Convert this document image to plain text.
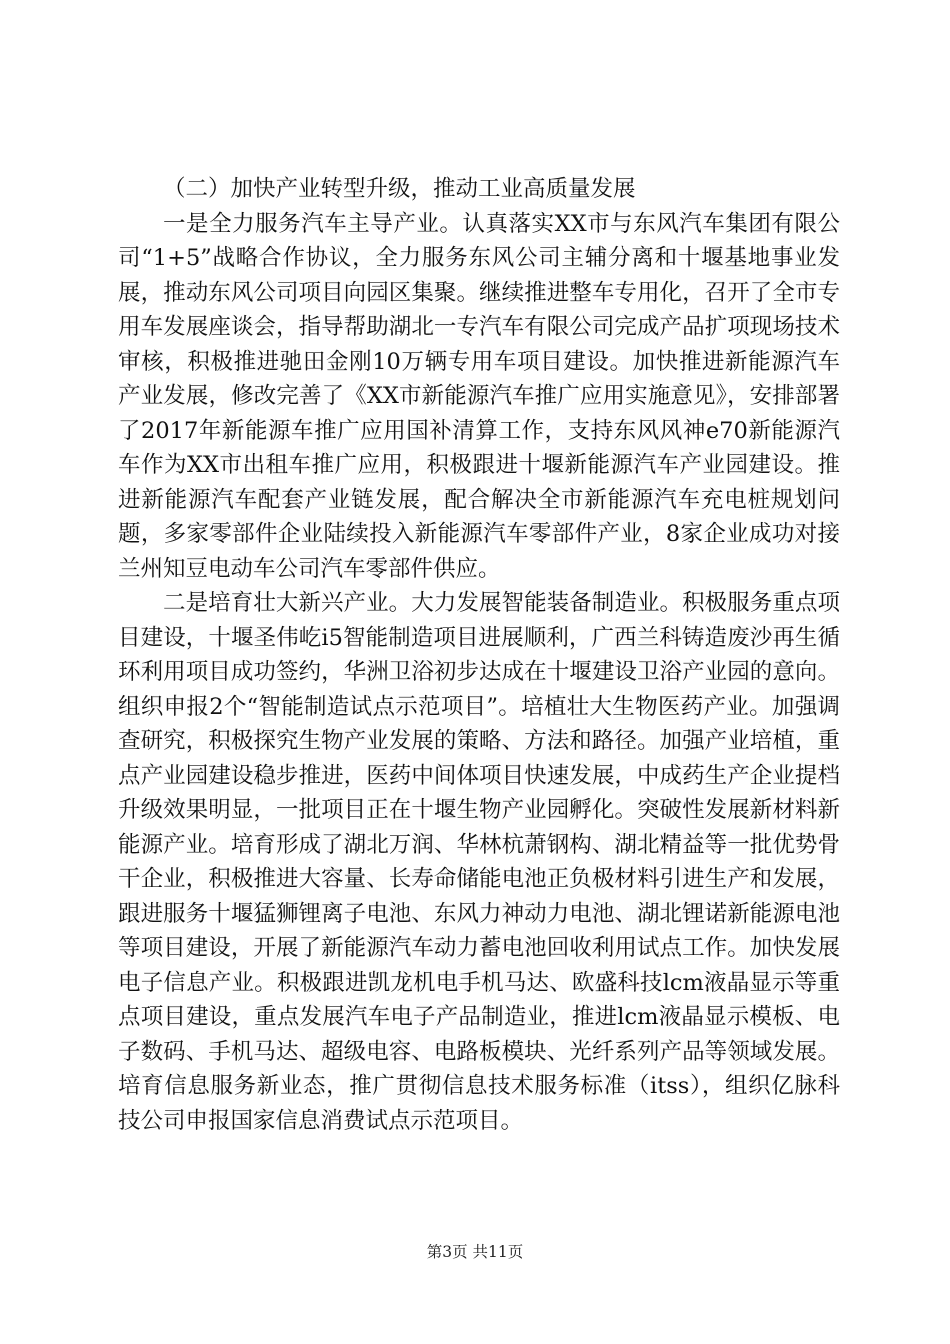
（二）加快产业转型升级，推动工业高质量发展

一是全力服务汽车主导产业。认真落实XX市与东风汽车集团有限公司“1+5”战略合作协议，全力服务东风公司主辅分离和十堰基地事业发展，推动东风公司项目向园区集聚。继续推进整车专用化，召开了全市专用车发展座谈会，指导帮助湖北一专汽车有限公司完成产品扩项现场技术审核，积极推进驰田金刚10万辆专用车项目建设。加快推进新能源汽车产业发展，修改完善了《XX市新能源汽车推广应用实施意见》，安排部署了2017年新能源车推广应用国补清算工作，支持东风风神e70新能源汽车作为XX市出租车推广应用，积极跟进十堰新能源汽车产业园建设。推进新能源汽车配套产业链发展，配合解决全市新能源汽车充电桩规划问题，多家零部件企业陆续投入新能源汽车零部件产业，8家企业成功对接兰州知豆电动车公司汽车零部件供应。

二是培育壮大新兴产业。大力发展智能装备制造业。积极服务重点项目建设，十堰圣伟屹i5智能制造项目进展顺利，广西兰科铸造废沙再生循环利用项目成功签约，华洲卫浴初步达成在十堰建设卫浴产业园的意向。组织申报2个“智能制造试点示范项目”。培植壮大生物医药产业。加强调查研究，积极探究生物产业发展的策略、方法和路径。加强产业培植，重点产业园建设稳步推进，医药中间体项目快速发展，中成药生产企业提档升级效果明显，一批项目正在十堰生物产业园孵化。突破性发展新材料新能源产业。培育形成了湖北万润、华林杭萧钢构、湖北精益等一批优势骨干企业，积极推进大容量、长寿命储能电池正负极材料引进生产和发展，跟进服务十堰猛狮锂离子电池、东风力神动力电池、湖北锂诺新能源电池等项目建设，开展了新能源汽车动力蓄电池回收利用试点工作。加快发展电子信息产业。积极跟进凯龙机电手机马达、欧盛科技lcm液晶显示等重点项目建设，重点发展汽车电子产品制造业，推进lcm液晶显示模板、电子数码、手机马达、超级电容、电路板模块、光纤系列产品等领域发展。培育信息服务新业态，推广贯彻信息技术服务标准（itss），组织亿脉科技公司申报国家信息消费试点示范项目。

第3页 共11页
